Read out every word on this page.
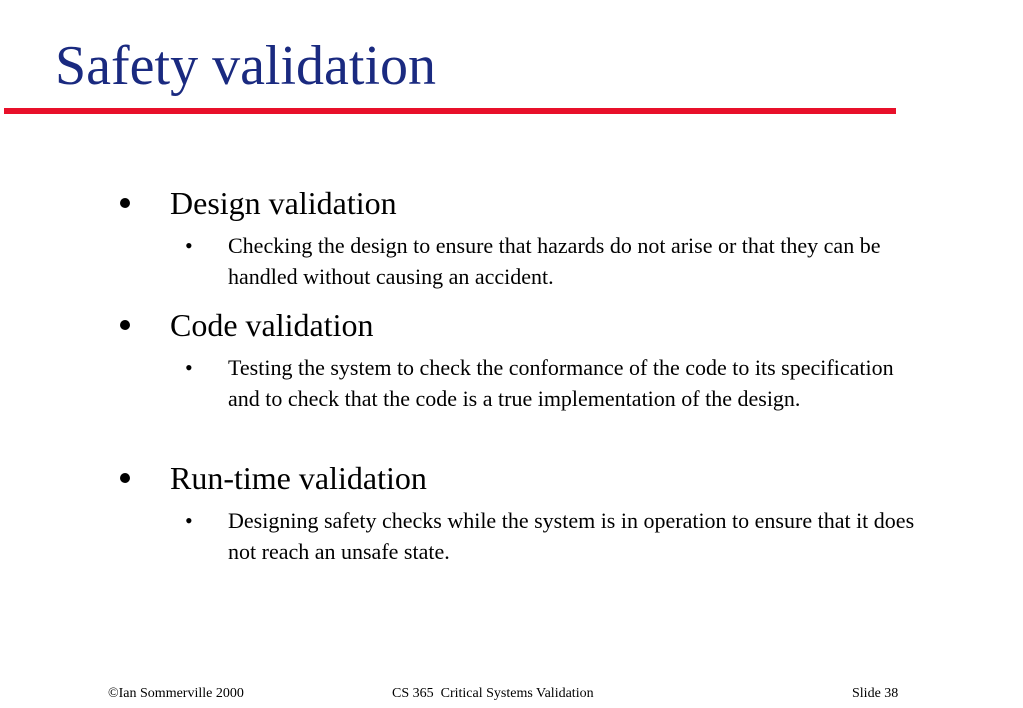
Safety validation
Design validation
• Checking the design to ensure that hazards do not arise or that they can be handled without causing an accident.
Code validation
• Testing the system to check the conformance of the code to its specification and to check that the code is a true implementation of the design.
Run-time validation
• Designing safety checks while the system is in operation to ensure that it does not reach an unsafe state.
©Ian Sommerville 2000	CS 365  Critical Systems Validation	Slide 38
